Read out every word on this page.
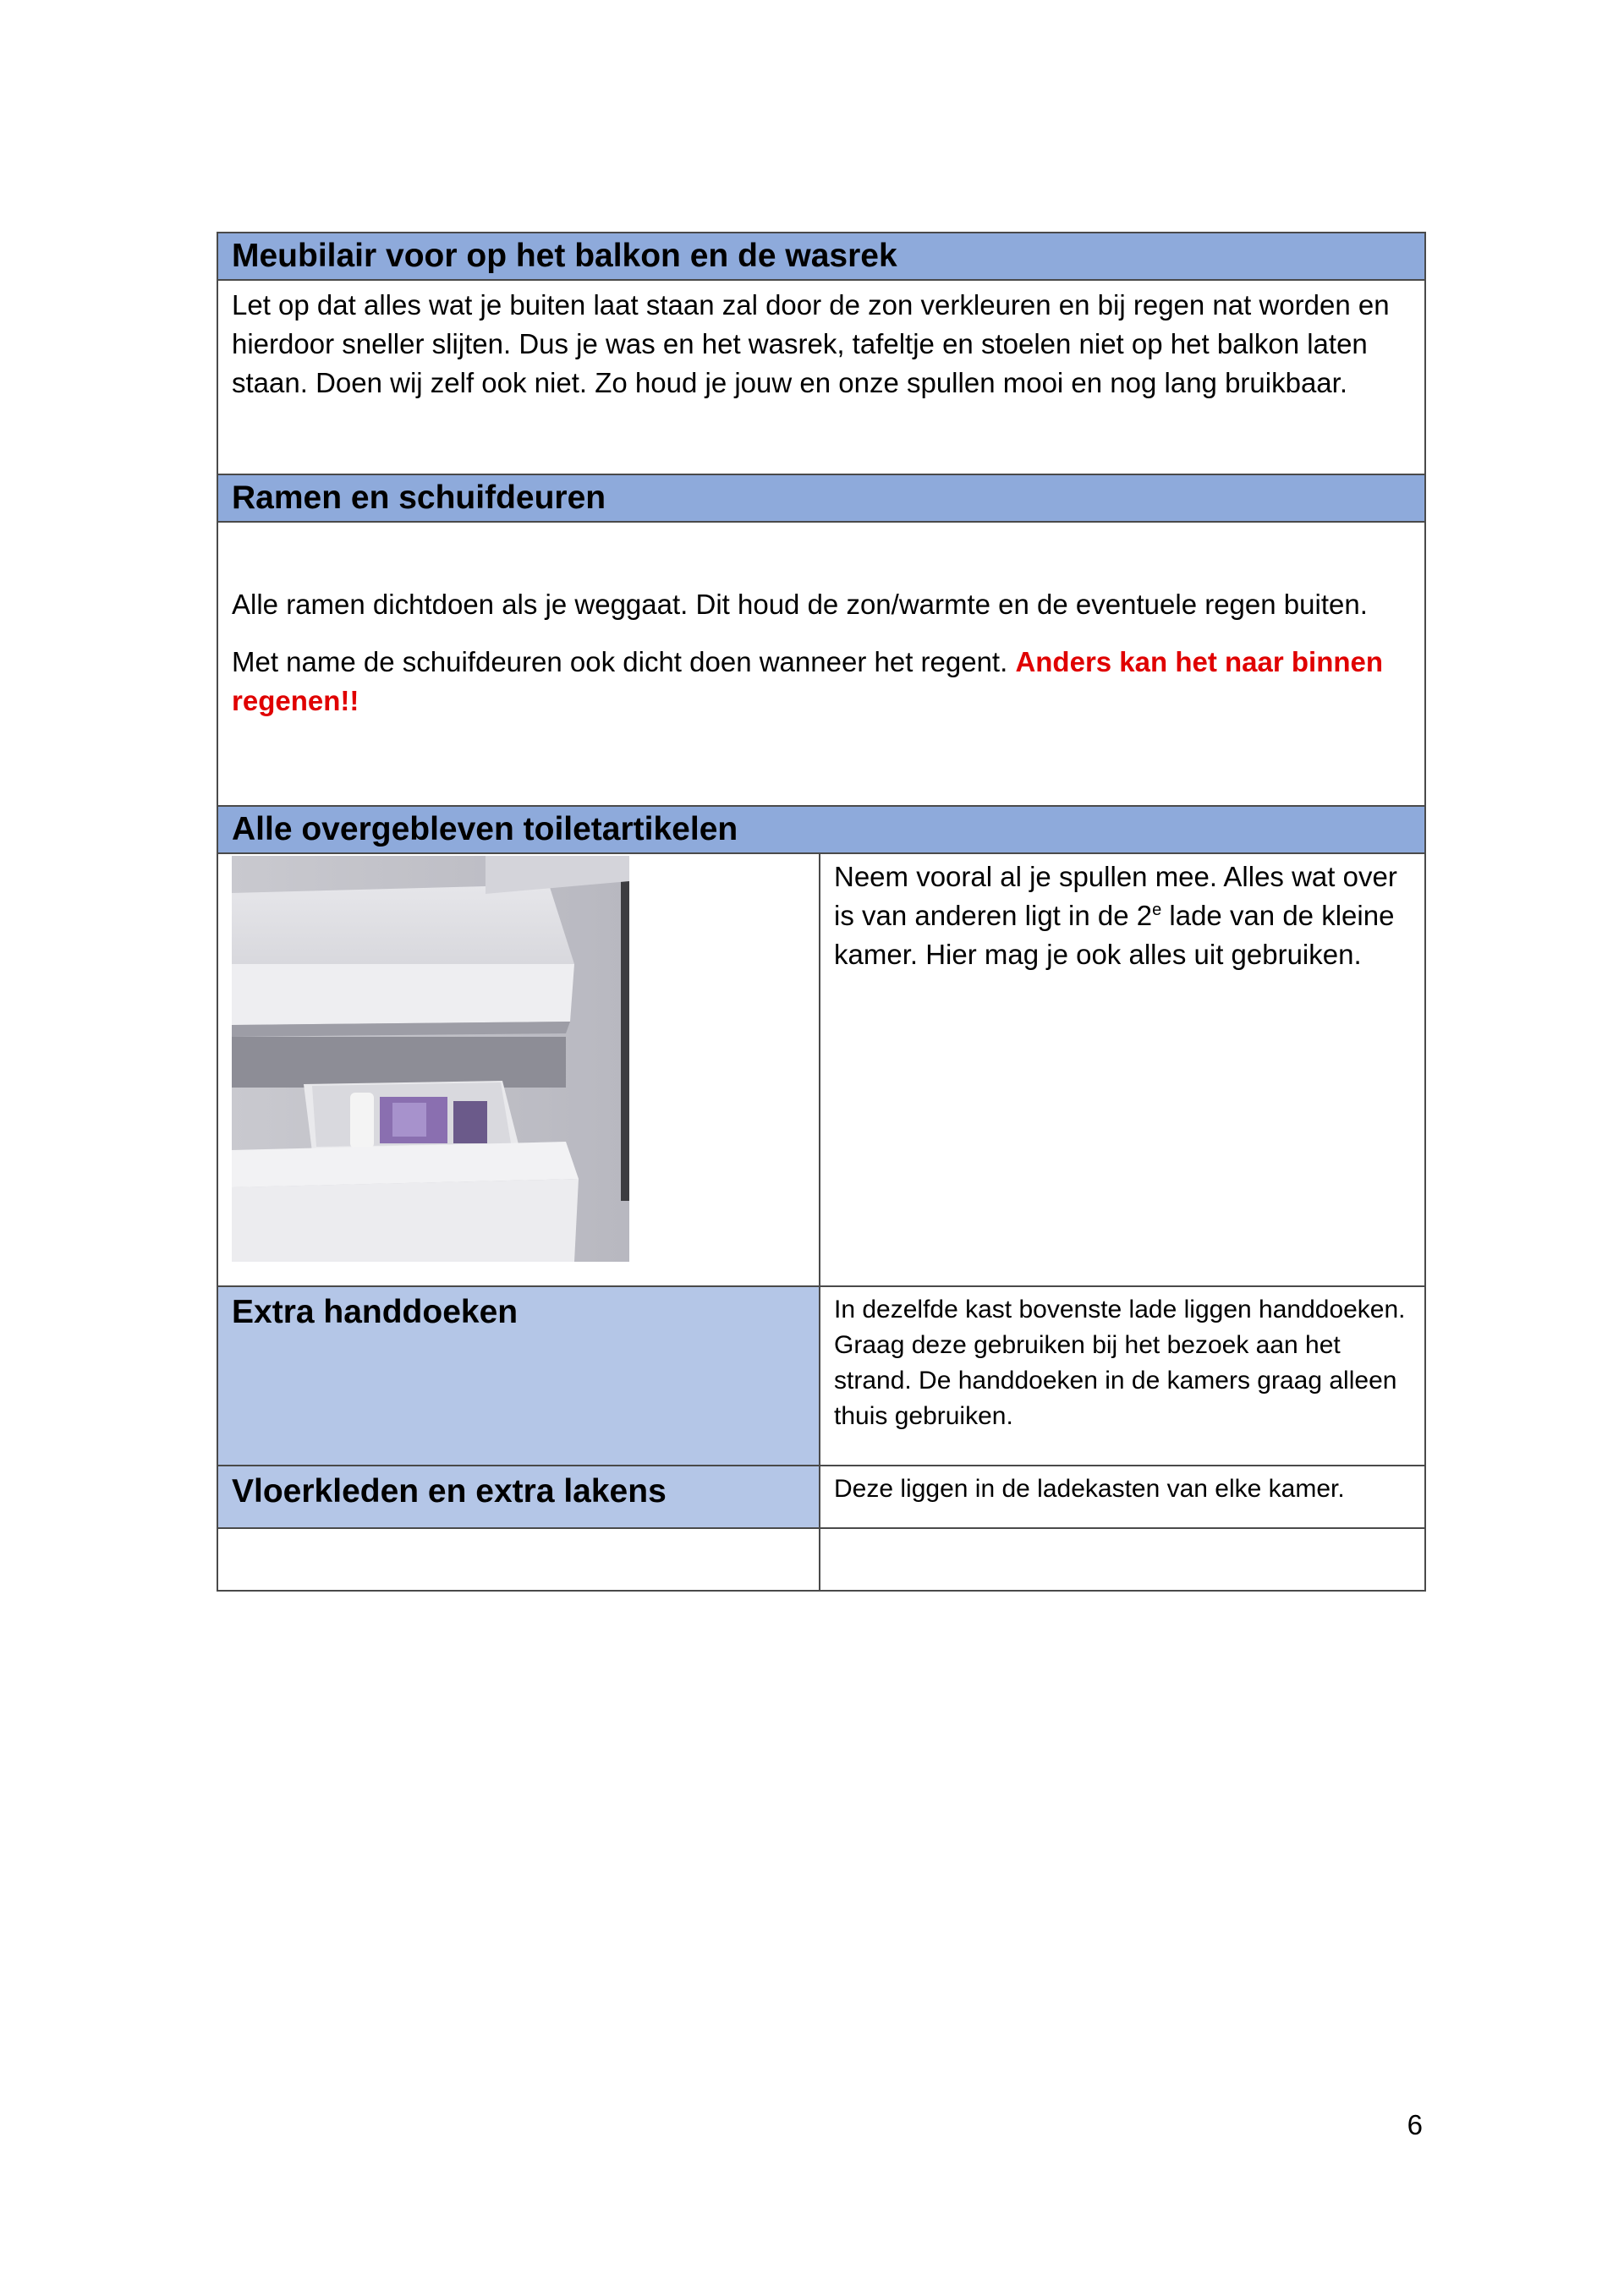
Meubilair voor op het balkon en de wasrek

Let op dat alles wat je buiten laat staan zal door de zon verkleuren en bij regen nat worden en hierdoor sneller slijten. Dus je was en het wasrek, tafeltje en stoelen niet op het balkon laten staan. Doen wij zelf ook niet. Zo houd je jouw en onze spullen mooi en nog lang bruikbaar.

Ramen en schuifdeuren

Alle ramen dichtdoen als je weggaat. Dit houd de zon/warmte en de eventuele regen buiten.

Met name de schuifdeuren ook dicht doen wanneer het regent. Anders kan het naar binnen regenen!!

Alle overgebleven toiletartikelen
Neem vooral al je spullen mee. Alles wat over is van anderen ligt in de 2e lade van de kleine kamer. Hier mag je ook alles uit gebruiken.
Extra handdoeken	In dezelfde kast bovenste lade liggen handdoeken. Graag deze gebruiken bij het bezoek aan het strand. De handdoeken in de kamers graag alleen thuis gebruiken.
Vloerkleden en extra lakens	Deze liggen in de ladekasten van elke kamer.
6
